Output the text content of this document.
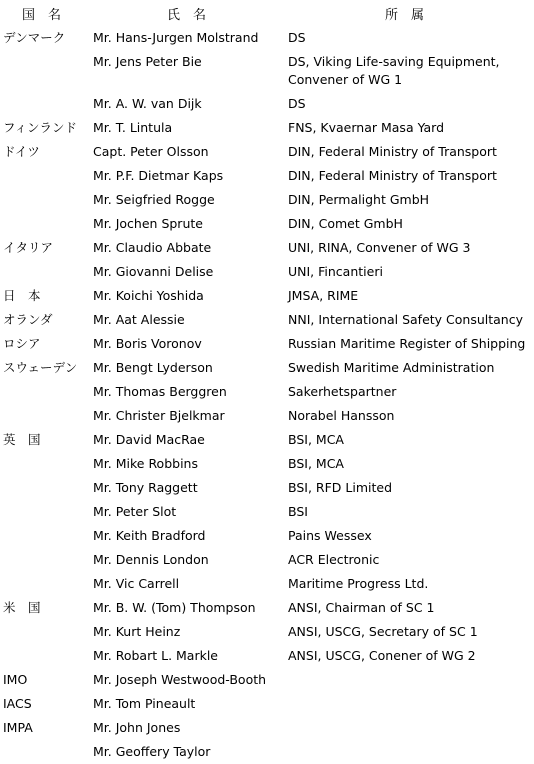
国　名	氏　名	所　属
デンマーク	Mr. Hans-Jurgen Molstrand	DS
	Mr. Jens Peter Bie	DS, Viking Life-saving Equipment, Convener of WG 1
	Mr. A. W. van Dijk	DS
フィンランド	Mr. T. Lintula	FNS, Kvaernar Masa Yard
ドイツ	Capt. Peter Olsson	DIN, Federal Ministry of Transport
	Mr. P.F. Dietmar Kaps	DIN, Federal Ministry of Transport
	Mr. Seigfried Rogge	DIN, Permalight GmbH
	Mr. Jochen Sprute	DIN, Comet GmbH
イタリア	Mr. Claudio Abbate	UNI, RINA, Convener of WG 3
	Mr. Giovanni Delise	UNI, Fincantieri
日　本	Mr. Koichi Yoshida	JMSA, RIME
オランダ	Mr. Aat Alessie	NNI, International Safety Consultancy
ロシア	Mr. Boris Voronov	Russian Maritime Register of Shipping
スウェーデン	Mr. Bengt Lyderson	Swedish Maritime Administration
	Mr. Thomas Berggren	Sakerhetspartner
	Mr. Christer Bjelkmar	Norabel Hansson
英　国	Mr. David MacRae	BSI, MCA
	Mr. Mike Robbins	BSI, MCA
	Mr. Tony Raggett	BSI, RFD Limited
	Mr. Peter Slot	BSI
	Mr. Keith Bradford	Pains Wessex
	Mr. Dennis London	ACR Electronic
	Mr. Vic Carrell	Maritime Progress Ltd.
米　国	Mr. B. W. (Tom) Thompson	ANSI, Chairman of SC 1
	Mr. Kurt Heinz	ANSI, USCG, Secretary of SC 1
	Mr. Robart L. Markle	ANSI, USCG, Conener of WG 2
IMO	Mr. Joseph Westwood-Booth	
IACS	Mr. Tom Pineault	
IMPA	Mr. John Jones	
	Mr. Geoffery Taylor	
